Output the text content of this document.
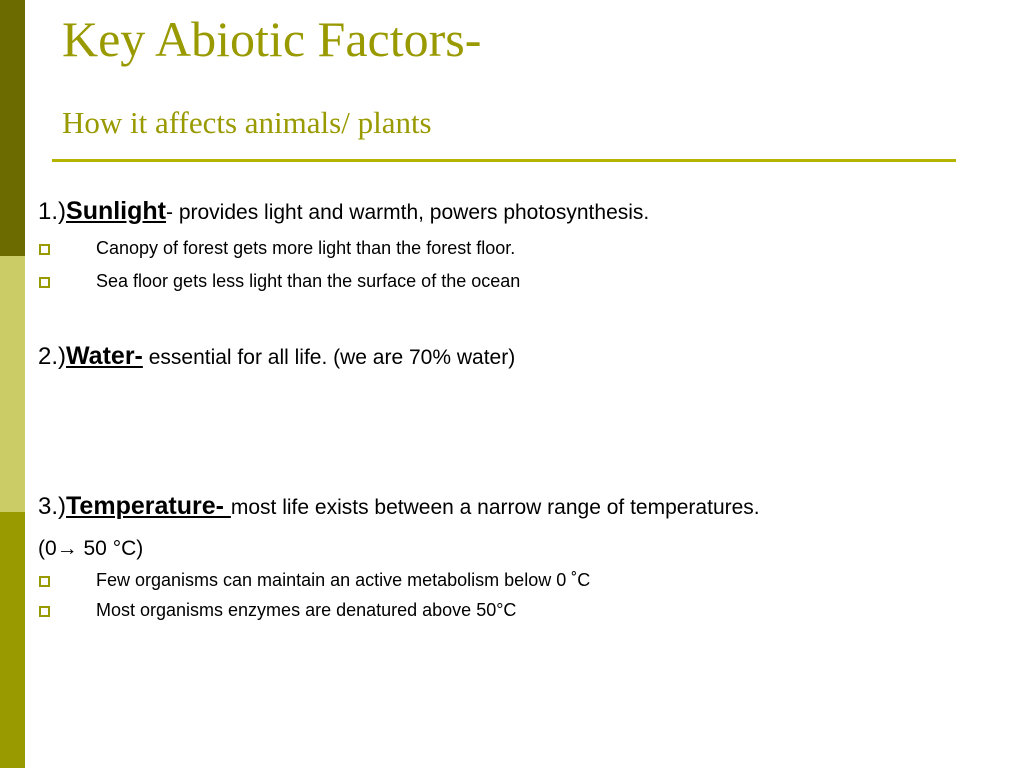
Key Abiotic Factors-
How it affects animals/ plants
1.)Sunlight- provides light and warmth, powers photosynthesis.
Canopy of forest gets more light than the forest floor.
Sea floor gets less light than the surface of the ocean
2.)Water- essential for all life. (we are 70% water)
3.)Temperature- most life exists between a narrow range of temperatures.
(0→ 50 °C)
Few organisms can maintain an active metabolism below 0 ˚C
Most organisms enzymes are denatured above 50°C
